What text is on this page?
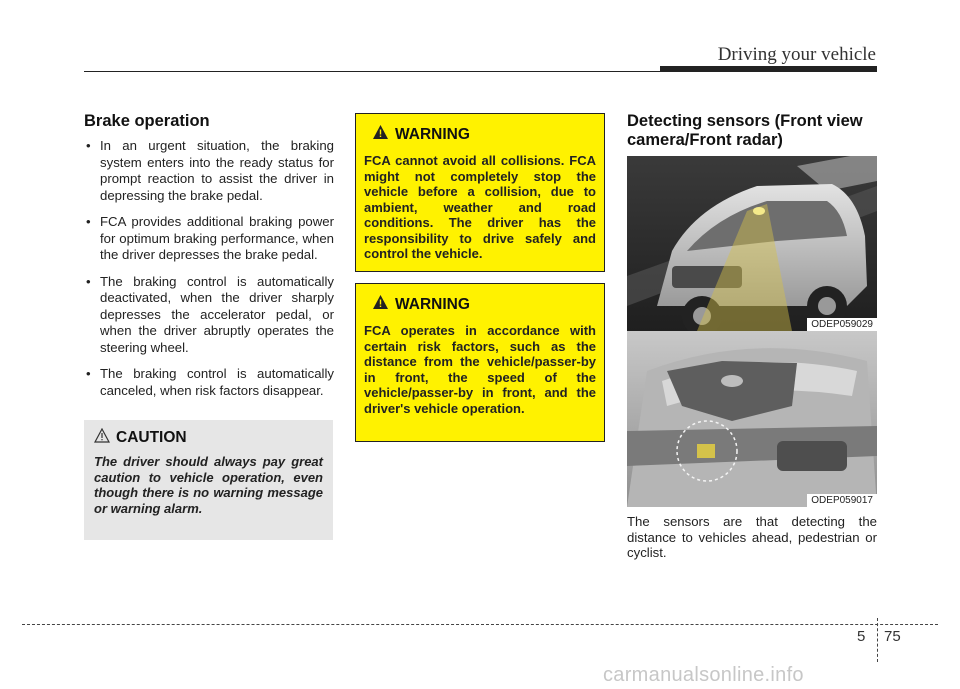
Driving your vehicle
Brake operation
• In an urgent situation, the braking system enters into the ready status for prompt reaction to assist the driver in depressing the brake pedal.
• FCA provides additional braking power for optimum braking performance, when the driver depresses the brake pedal.
• The braking control is automatically deactivated, when the driver sharply depresses the accelerator pedal, or when the driver abruptly operates the steering wheel.
• The braking control is automatically canceled, when risk factors disappear.
CAUTION
The driver should always pay great caution to vehicle operation, even though there is no warning message or warning alarm.
WARNING
FCA cannot avoid all collisions. FCA might not completely stop the vehicle before a collision, due to ambient, weather and road conditions. The driver has the responsibility to drive safely and control the vehicle.
WARNING
FCA operates in accordance with certain risk factors, such as the distance from the vehicle/passer-by in front, the speed of the vehicle/passer-by in front, and the driver's vehicle operation.
Detecting sensors (Front view
camera/Front radar)
ODEP059029
ODEP059017
The sensors are that detecting the distance to vehicles ahead, pedestrian or cyclist.
5 75
carmanualsonline.info
